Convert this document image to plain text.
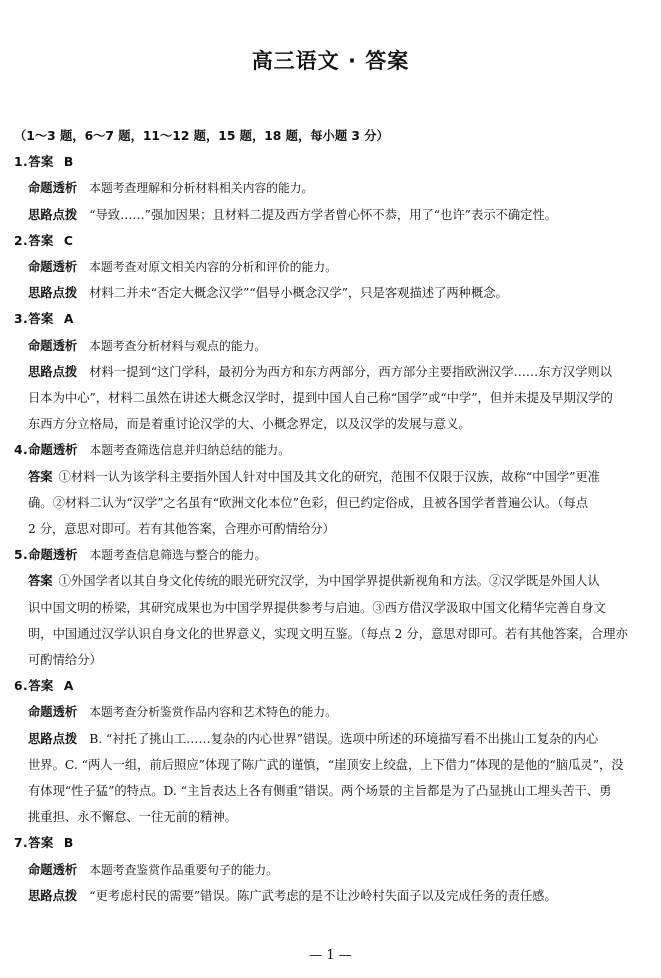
高三语文 · 答案
（1～3 题，6～7 题，11～12 题，15 题，18 题，每小题 3 分）
1.答案 B
命题透析 本题考查理解和分析材料相关内容的能力。
思路点拨 “导致……”强加因果；且材料二提及西方学者曾心怀不恭，用了“也许”表示不确定性。
2.答案 C
命题透析 本题考查对原文相关内容的分析和评价的能力。
思路点拨 材料二并未“否定大概念汉学”“倡导小概念汉学”，只是客观描述了两种概念。
3.答案 A
命题透析 本题考查分析材料与观点的能力。
思路点拨 材料一提到“这门学科，最初分为西方和东方两部分，西方部分主要指欧洲汉学……东方汉学则以
日本为中心”，材料二虽然在讲述大概念汉学时，提到中国人自己称“国学”或“中学”，但并未提及早期汉学的
东西方分立格局，而是着重讨论汉学的大、小概念界定，以及汉学的发展与意义。
4.命题透析 本题考查筛选信息并归纳总结的能力。
答案 ①材料一认为该学科主要指外国人针对中国及其文化的研究，范围不仅限于汉族，故称“中国学”更准
确。②材料二认为“汉学”之名虽有“欧洲文化本位”色彩，但已约定俗成，且被各国学者普遍公认。（每点
2 分，意思对即可。若有其他答案，合理亦可酌情给分）
5.命题透析 本题考查信息筛选与整合的能力。
答案 ①外国学者以其自身文化传统的眼光研究汉学，为中国学界提供新视角和方法。②汉学既是外国人认
识中国文明的桥梁，其研究成果也为中国学界提供参考与启迪。③西方借汉学汲取中国文化精华完善自身文
明，中国通过汉学认识自身文化的世界意义，实现文明互鉴。（每点 2 分，意思对即可。若有其他答案，合理亦
可酌情给分）
6.答案 A
命题透析 本题考查分析鉴赏作品内容和艺术特色的能力。
思路点拨 B. “衬托了挑山工……复杂的内心世界”错误。选项中所述的环境描写看不出挑山工复杂的内心
世界。C. “两人一组，前后照应”体现了陈广武的谨慎，“崖顶安上绞盘，上下借力”体现的是他的“脑瓜灵”，没
有体现“性子猛”的特点。D. “主旨表达上各有侧重”错误。两个场景的主旨都是为了凸显挑山工埋头苦干、勇
挑重担、永不懈怠、一往无前的精神。
7.答案 B
命题透析 本题考查鉴赏作品重要句子的能力。
思路点拨 “更考虑村民的需要”错误。陈广武考虑的是不让沙岭村失面子以及完成任务的责任感。
— 1 —
